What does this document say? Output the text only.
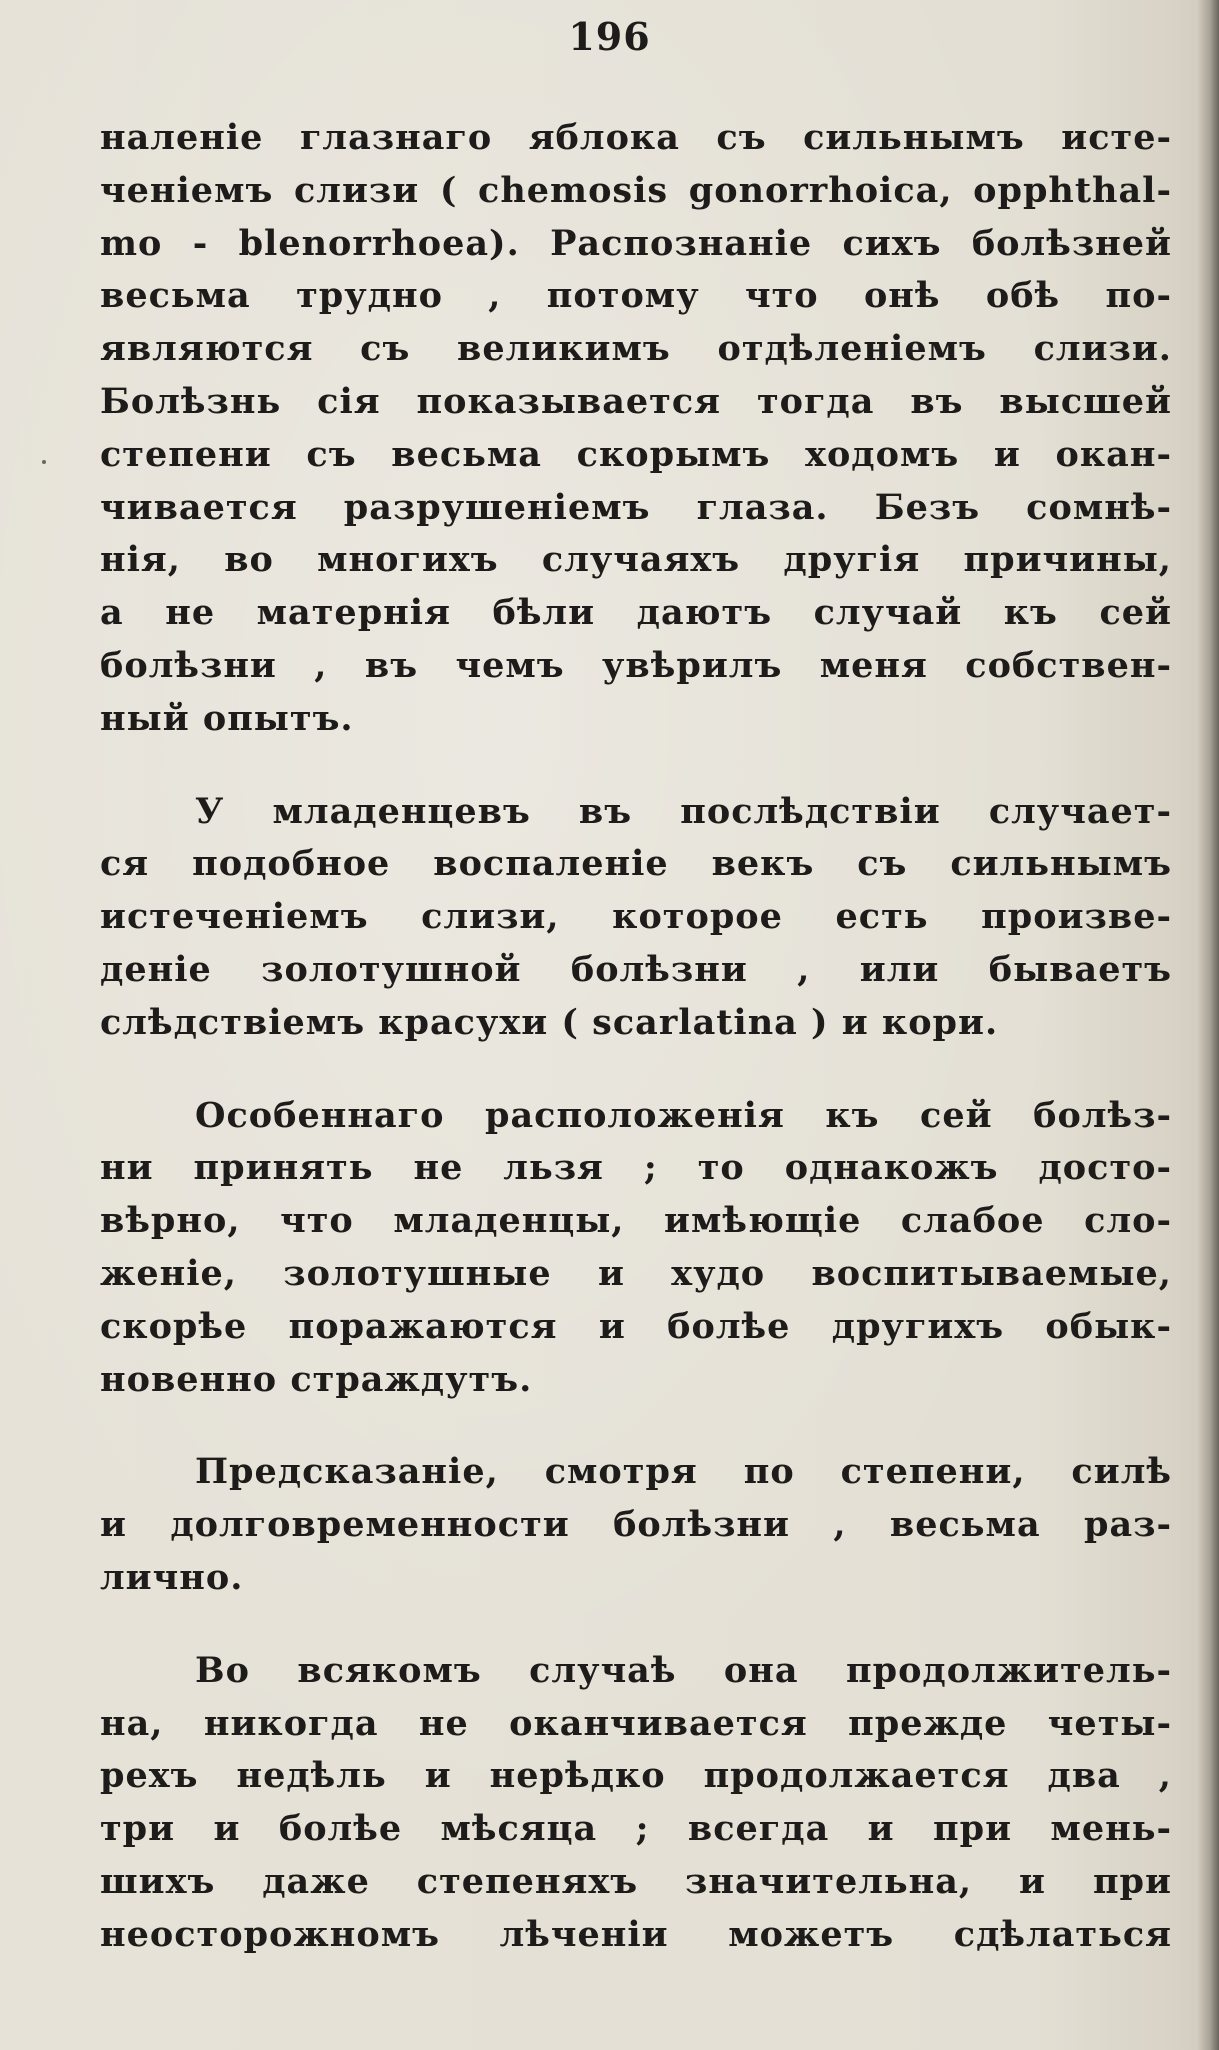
196

наленіе глазнаго яблока съ сильнымъ исте-
ченіемъ слизи ( chemosis gonorrhoica, opphthal-
mo - blenorrhoea). Распознаніе сихъ болѣзней
весьма трудно , потому что онѣ обѣ по-
являются съ великимъ отдѣленіемъ слизи.
Болѣзнь сія показывается тогда въ высшей
степени съ весьма скорымъ ходомъ и окан-
чивается разрушеніемъ глаза. Безъ сомнѣ-
нія, во многихъ случаяхъ другія причины,
а не матернія бѣли даютъ случай къ сей
болѣзни , въ чемъ увѣрилъ меня собствен-
ный опытъ.

У младенцевъ въ послѣдствіи случает-
ся подобное воспаленіе векъ съ сильнымъ
истеченіемъ слизи, которое есть произве-
деніе золотушной болѣзни , или бываетъ
слѣдствіемъ красухи ( scarlatina ) и кори.

Особеннаго расположенія къ сей болѣз-
ни принять не льзя ; то однакожъ досто-
вѣрно, что младенцы, имѣющіе слабое сло-
женіе, золотушные и худо воспитываемые,
скорѣе поражаются и болѣе другихъ обык-
новенно страждутъ.

Предсказаніе, смотря по степени, силѣ
и долговременности болѣзни , весьма раз-
лично.

Во всякомъ случаѣ она продолжитель-
на, никогда не оканчивается прежде четы-
рехъ недѣль и нерѣдко продолжается два ,
три и болѣе мѣсяца ; всегда и при мень-
шихъ даже степеняхъ значительна, и при
неосторожномъ лѣченіи можетъ сдѣлаться
